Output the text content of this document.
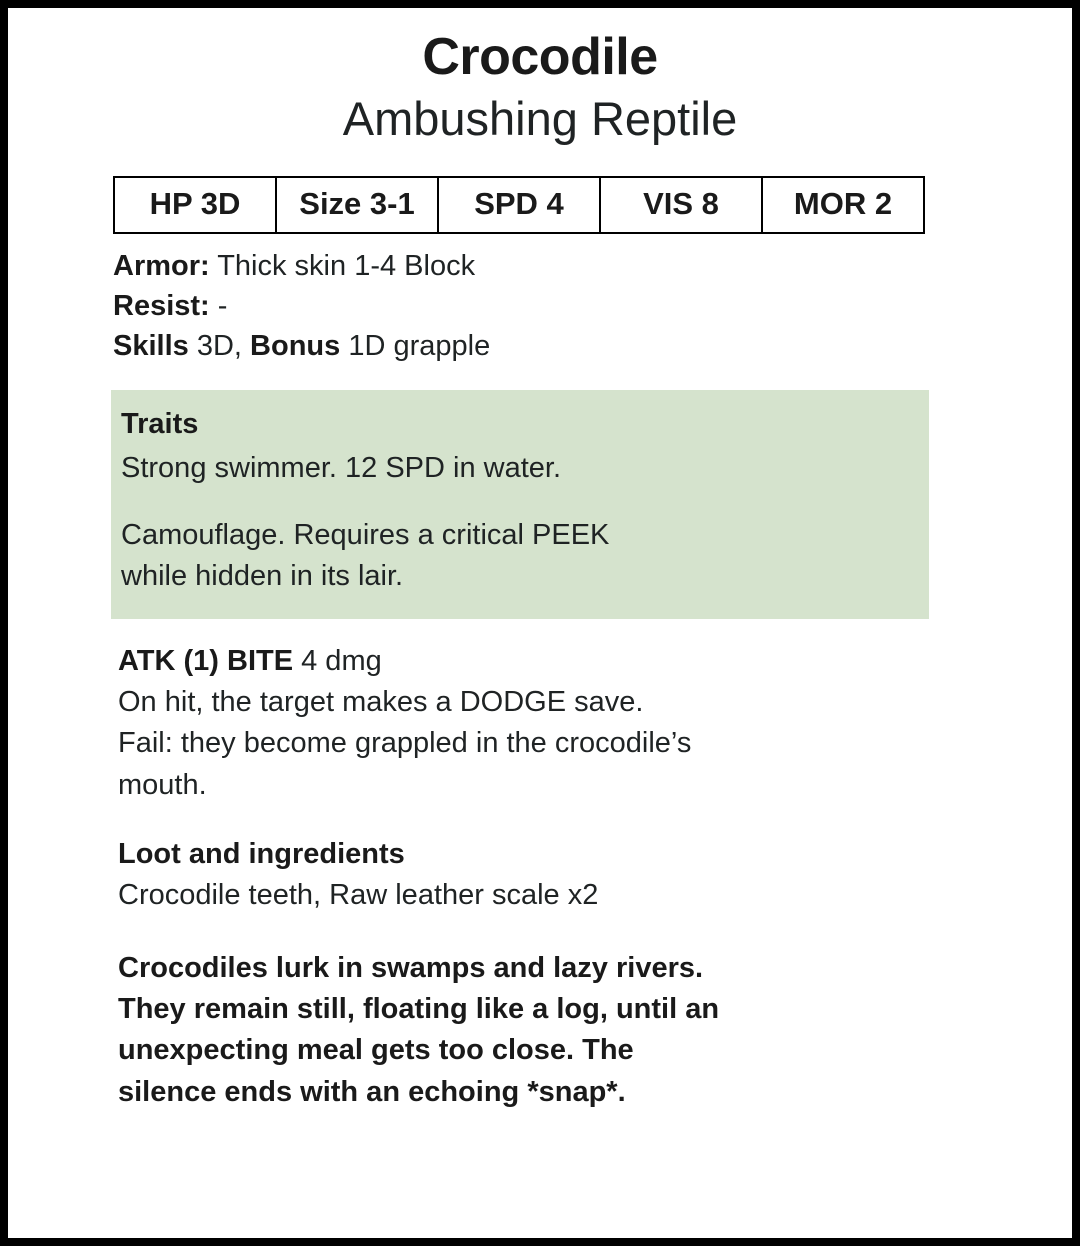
Crocodile
Ambushing Reptile
HP 3D	Size 3-1	SPD 4	VIS 8	MOR 2
Armor: Thick skin 1-4 Block
Resist: -
Skills 3D, Bonus 1D grapple
Traits
Strong swimmer. 12 SPD in water.
Camouflage. Requires a critical PEEK
while hidden in its lair.
ATK (1) BITE 4 dmg
On hit, the target makes a DODGE save.
Fail: they become grappled in the crocodile’s
mouth.
Loot and ingredients
Crocodile teeth, Raw leather scale x2
Crocodiles lurk in swamps and lazy rivers.
They remain still, floating like a log, until an
unexpecting meal gets too close. The
silence ends with an echoing *snap*.
